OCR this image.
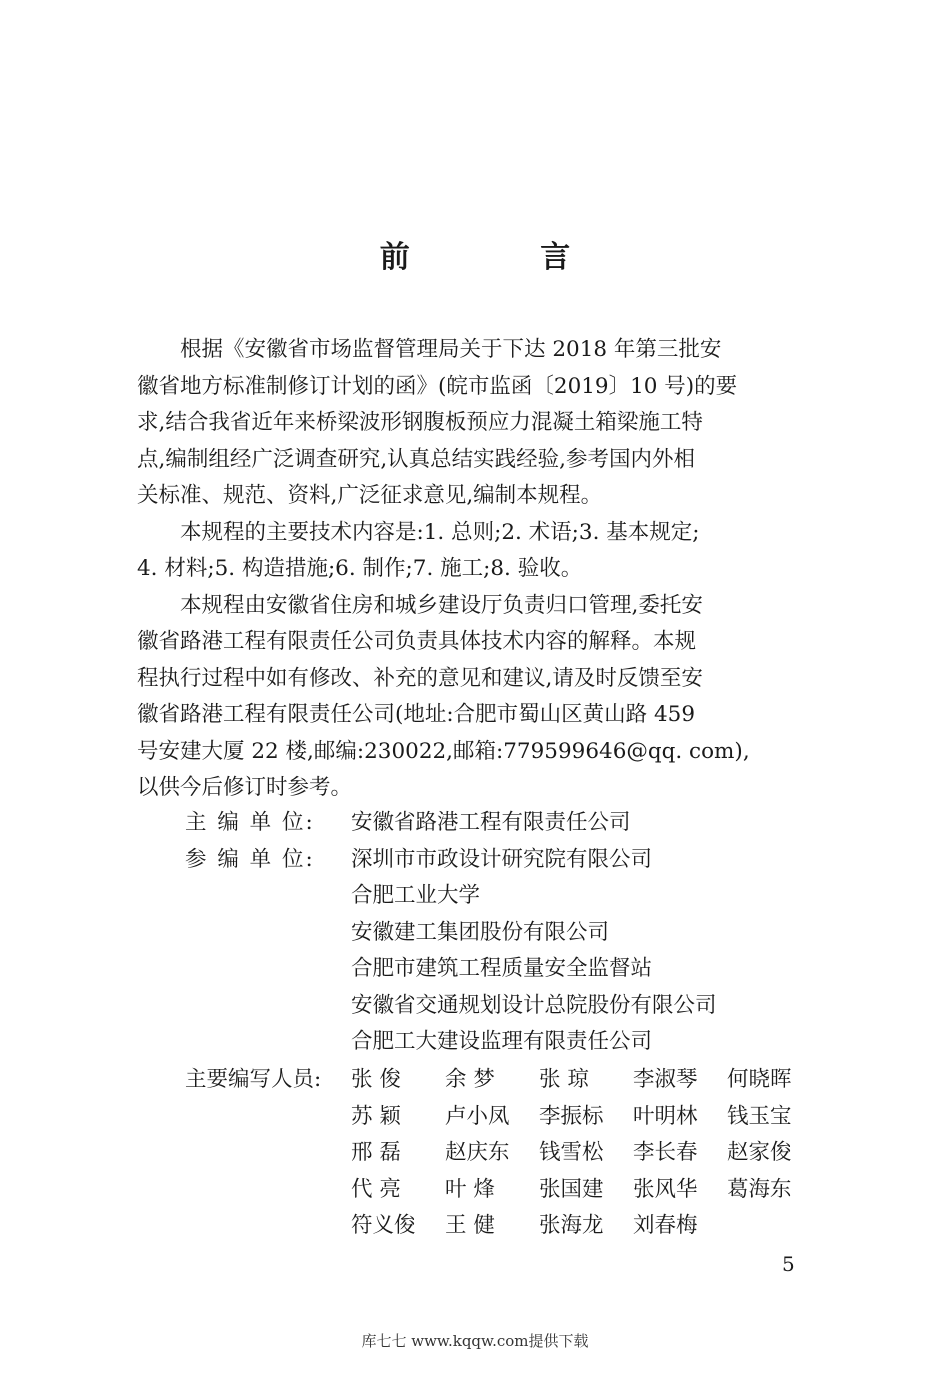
前 言

根据《安徽省市场监督管理局关于下达 2018 年第三批安
徽省地方标准制修订计划的函》(皖市监函〔2019〕10 号)的要
求,结合我省近年来桥梁波形钢腹板预应力混凝土箱梁施工特
点,编制组经广泛调查研究,认真总结实践经验,参考国内外相
关标准、规范、资料,广泛征求意见,编制本规程。

本规程的主要技术内容是:1. 总则;2. 术语;3. 基本规定;
4. 材料;5. 构造措施;6. 制作;7. 施工;8. 验收。

本规程由安徽省住房和城乡建设厅负责归口管理,委托安
徽省路港工程有限责任公司负责具体技术内容的解释。本规
程执行过程中如有修改、补充的意见和建议,请及时反馈至安
徽省路港工程有限责任公司(地址:合肥市蜀山区黄山路 459
号安建大厦 22 楼,邮编:230022,邮箱:779599646@qq. com),
以供今后修订时参考。

主 编 单 位:	安徽省路港工程有限责任公司
参 编 单 位:	深圳市市政设计研究院有限公司
合肥工业大学
安徽建工集团股份有限公司
合肥市建筑工程质量安全监督站
安徽省交通规划设计总院股份有限公司
合肥工大建设监理有限责任公司
主要编写人员: 张 俊	余 梦	张 琼	李淑琴	何晓晖
苏 颖	卢小凤	李振标	叶明林	钱玉宝
邢 磊	赵庆东	钱雪松	李长春	赵家俊
代 亮	叶 烽	张国建	张风华	葛海东
符义俊	王 健	张海龙	刘春梅
5
库七七 www.kqqw.com提供下载
